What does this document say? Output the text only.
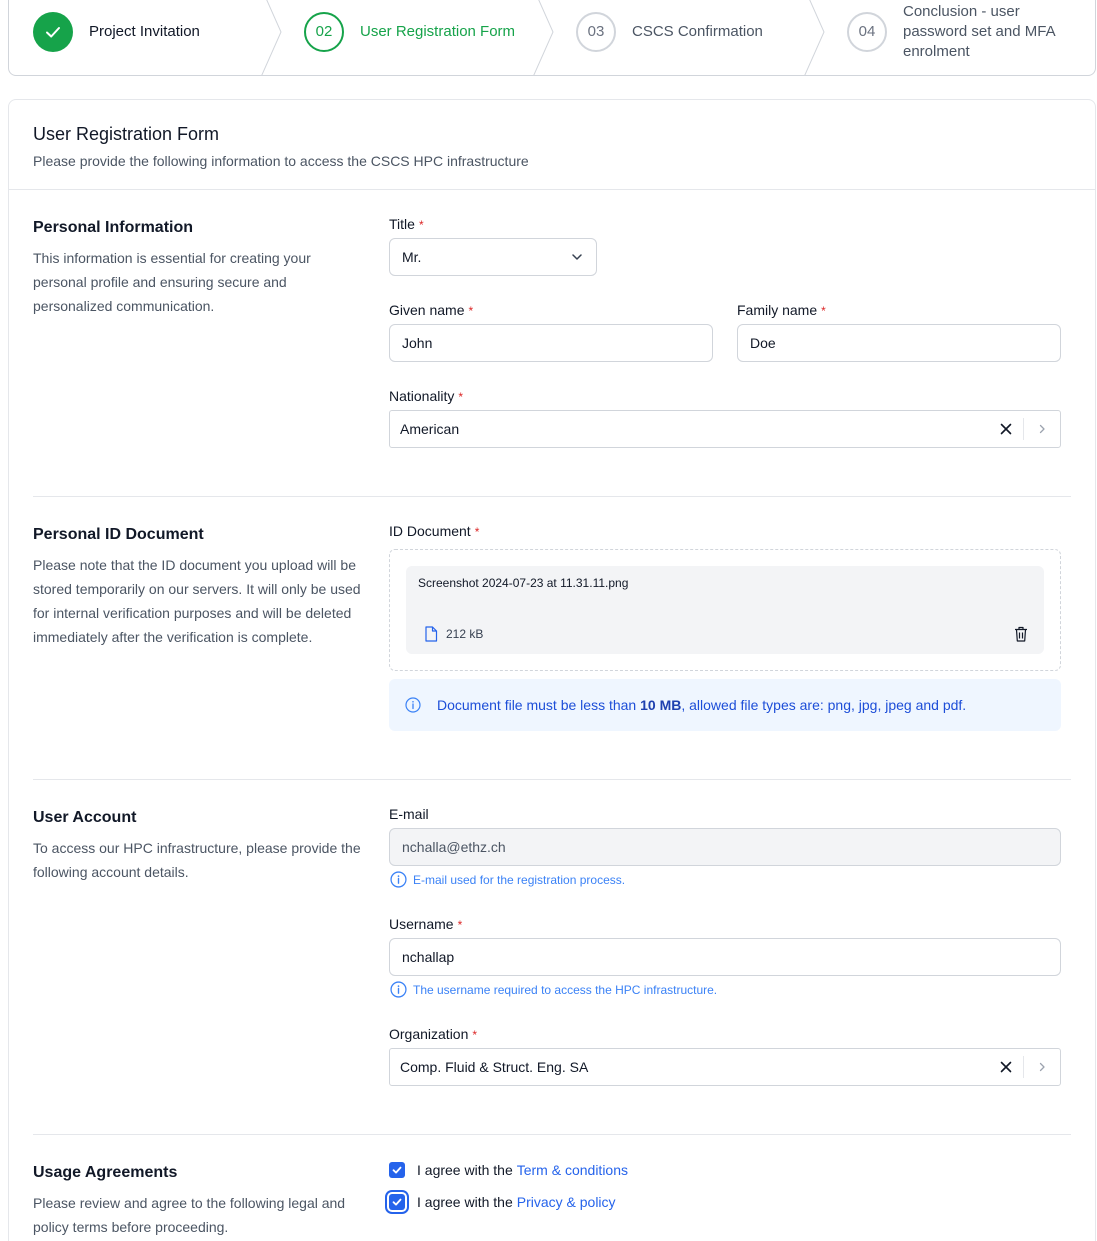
Project Invitation	02	User Registration Form	03	CSCS Confirmation	04
Conclusion - user password set and MFA enrolment
User Registration Form
Please provide the following information to access the CSCS HPC infrastructure
Personal Information
This information is essential for creating your personal profile and ensuring secure and personalized communication.
Title *
Mr.
Given name *
John
Family name *
Doe
Nationality *
American
Personal ID Document
Please note that the ID document you upload will be stored temporarily on our servers. It will only be used for internal verification purposes and will be deleted immediately after the verification is complete.
ID Document *
Screenshot 2024-07-23 at 11.31.11.png
212 kB
Document file must be less than
10 MB , allowed file types are: png, jpg, jpeg and pdf.
User Account
To access our HPC infrastructure, please provide the following account details.
E-mail
nchalla@ethz.ch
E-mail used for the registration process.
Username *
nchallap
The username required to access the HPC infrastructure.
Organization *
Comp. Fluid & Struct. Eng. SA
Usage Agreements
Please review and agree to the following legal and policy terms before proceeding.
I agree with the Term & conditions
I agree with the Privacy & policy
